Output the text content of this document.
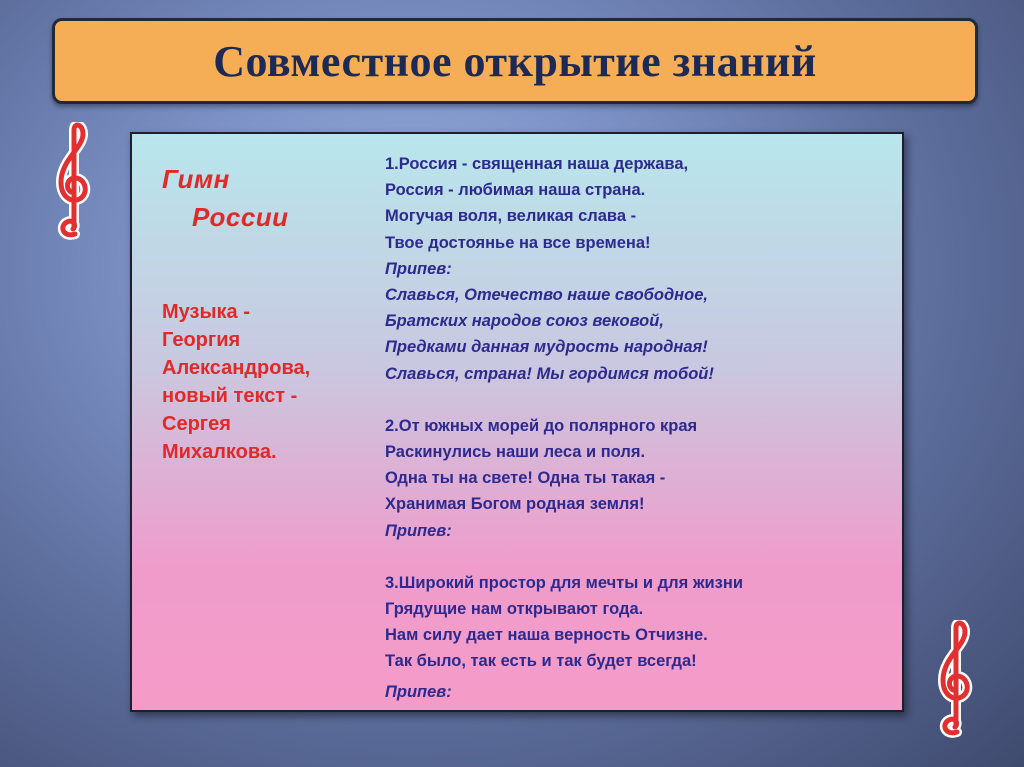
Совместное открытие знаний
Гимн
России
Музыка -
Георгия
Александрова,
новый текст -
Сергея
Михалкова.
1.Россия - священная наша держава,
Россия - любимая наша страна.
Могучая воля, великая слава -
Твое достоянье на все времена!
Припев:
Славься, Отечество наше свободное,
Братских народов союз вековой,
Предками данная мудрость народная!
Славься, страна! Мы гордимся тобой!
2.От южных морей до полярного края
Раскинулись наши леса и поля.
Одна ты на свете! Одна ты такая -
Хранимая Богом родная земля!
Припев:
3.Широкий простор для мечты и для жизни
Грядущие нам открывают года.
Нам силу дает наша верность Отчизне.
Так было, так есть и так будет всегда!
Припев:
